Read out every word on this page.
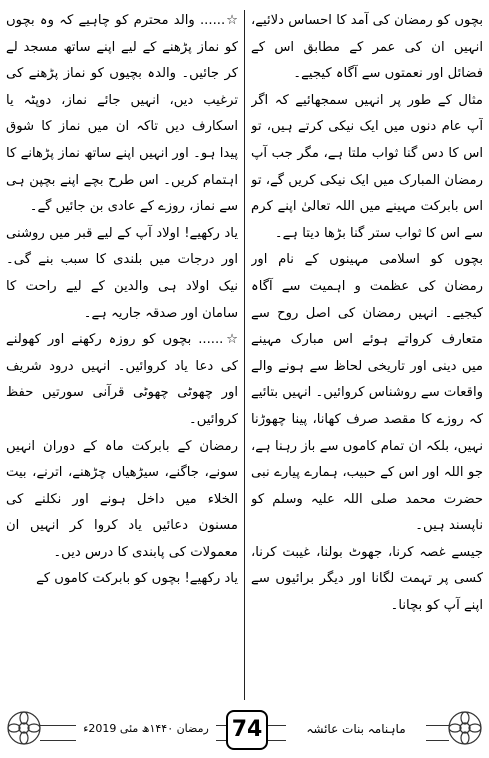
بچوں کو رمضان کی آمد کا احساس دلائیے، انہیں ان کی عمر کے مطابق اس کے فضائل اور نعمتوں سے آگاہ کیجیے۔

مثال کے طور پر انہیں سمجھائیے کہ اگر آپ عام دنوں میں ایک نیکی کرتے ہیں، تو اس کا دس گنا ثواب ملتا ہے، مگر جب آپ رمضان المبارک میں ایک نیکی کریں گے، تو اس بابرکت مہینے میں اللہ تعالیٰ اپنے کرم سے اس کا ثواب ستر گنا بڑھا دیتا ہے۔

بچوں کو اسلامی مہینوں کے نام اور رمضان کی عظمت و اہمیت سے آگاہ کیجیے۔ انہیں رمضان کی اصل روح سے متعارف کرواتے ہوئے اس مبارک مہینے میں دینی اور تاریخی لحاظ سے ہونے والے واقعات سے روشناس کروائیں۔ انہیں بتائیے کہ روزے کا مقصد صرف کھانا، پینا چھوڑنا نہیں، بلکہ ان تمام کاموں سے باز رہنا ہے، جو اللہ اور اس کے حبیب، ہمارے پیارے نبی حضرت محمد صلی اللہ علیہ وسلم کو ناپسند ہیں۔

جیسے غصہ کرنا، جھوٹ بولنا، غیبت کرنا، کسی پر تہمت لگانا اور دیگر برائیوں سے اپنے آپ کو بچانا۔

☆...... والد محترم کو چاہیے کہ وہ بچوں کو نماز پڑھنے کے لیے اپنے ساتھ مسجد لے کر جائیں۔ والدہ بچیوں کو نماز پڑھنے کی ترغیب دیں، انہیں جائے نماز، دوپٹہ یا اسکارف دیں تاکہ ان میں نماز کا شوق پیدا ہو۔ اور انہیں اپنے ساتھ نماز پڑھانے کا اہتمام کریں۔ اس طرح بچے اپنے بچپن ہی سے نماز، روزے کے عادی بن جائیں گے۔

یاد رکھیے! اولاد آپ کے لیے قبر میں روشنی اور درجات میں بلندی کا سبب بنے گی۔ نیک اولاد ہی والدین کے لیے راحت کا سامان اور صدقہ جاریہ ہے۔

☆...... بچوں کو روزہ رکھنے اور کھولنے کی دعا یاد کروائیں۔ انہیں درود شریف اور چھوٹی چھوٹی قرآنی سورتیں حفظ کروائیں۔

رمضان کے بابرکت ماہ کے دوران انہیں سونے، جاگنے، سیڑھیاں چڑھنے، اترنے، بیت الخلاء میں داخل ہونے اور نکلنے کی مسنون دعائیں یاد کروا کر انہیں ان معمولات کی پابندی کا درس دیں۔

یاد رکھیے! بچوں کو بابرکت کاموں کے

رمضان ۱۴۴۰ھ مئی 2019ء	74	ماہنامہ بنات عائشہ
